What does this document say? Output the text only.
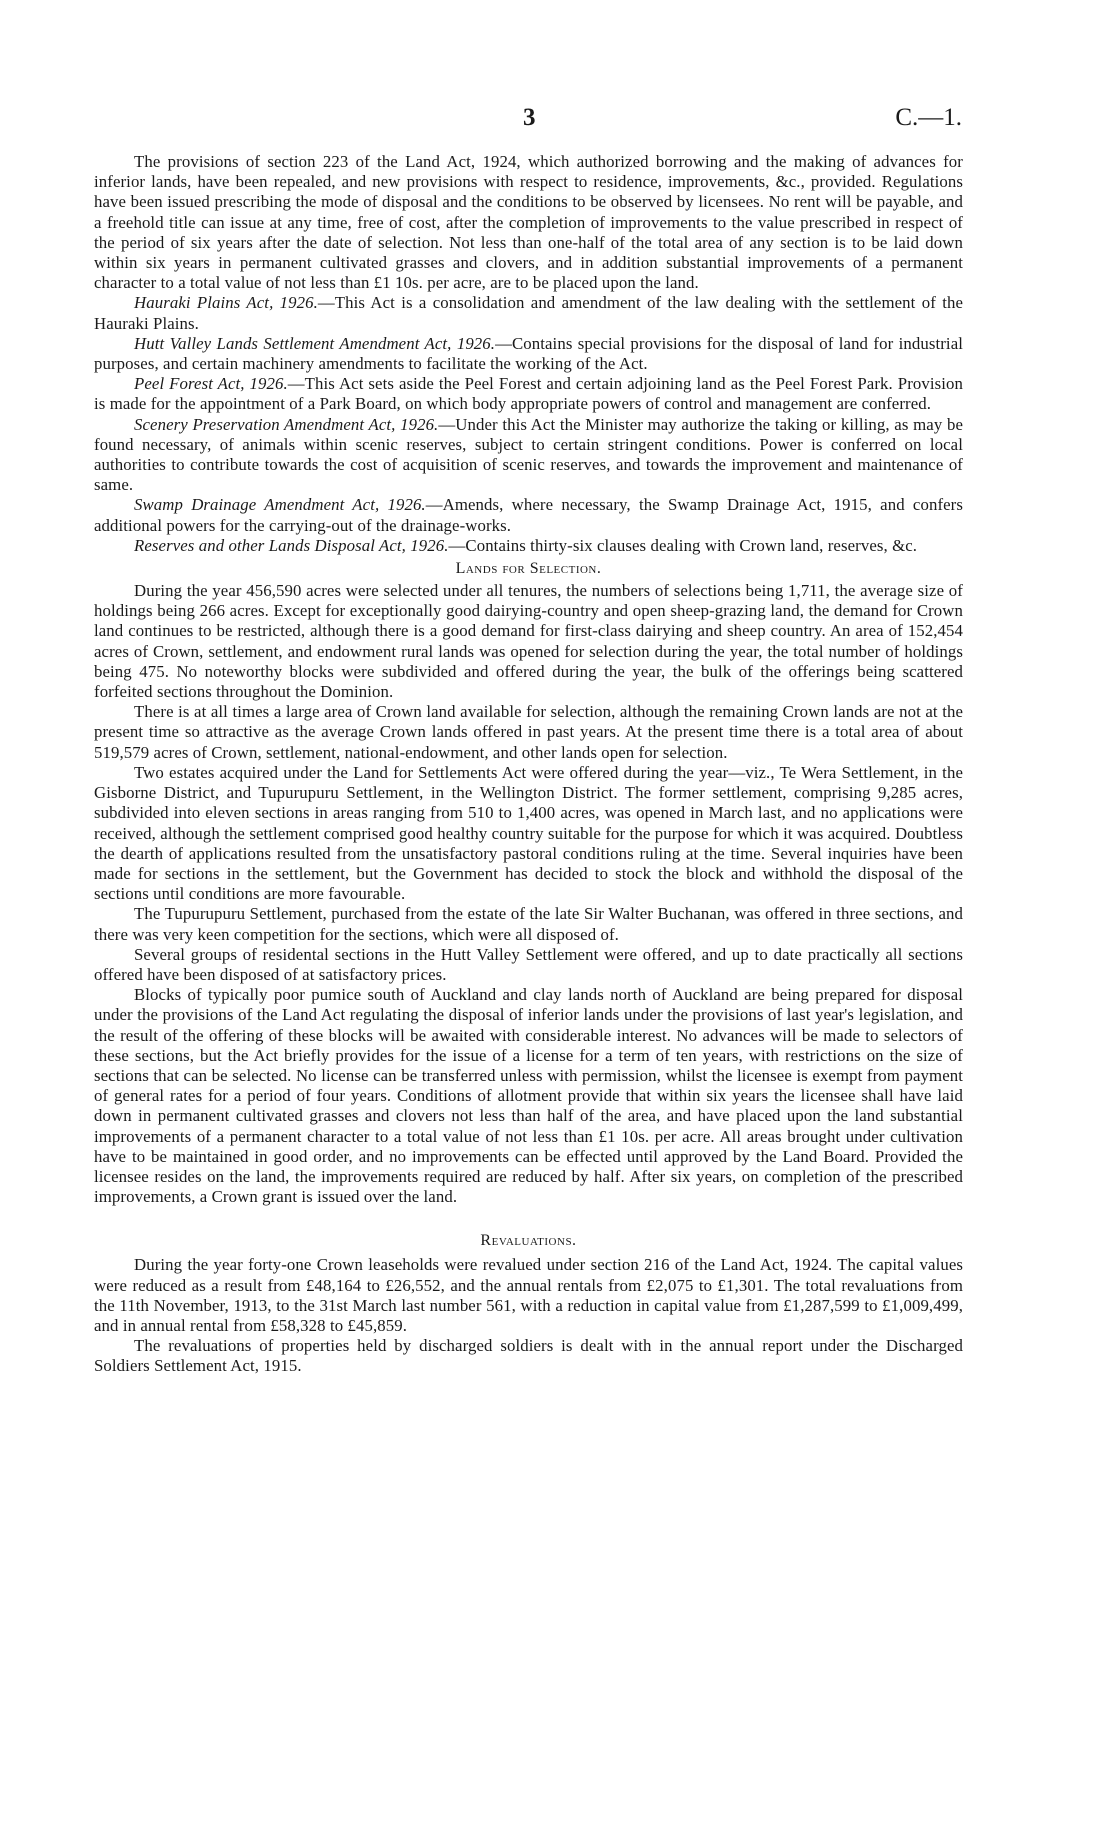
3	C.—1.

The provisions of section 223 of the Land Act, 1924, which authorized borrowing and the making of advances for inferior lands, have been repealed, and new provisions with respect to residence, improvements, &c., provided. Regulations have been issued prescribing the mode of disposal and the conditions to be observed by licensees. No rent will be payable, and a freehold title can issue at any time, free of cost, after the completion of improvements to the value prescribed in respect of the period of six years after the date of selection. Not less than one-half of the total area of any section is to be laid down within six years in permanent cultivated grasses and clovers, and in addition substantial improvements of a permanent character to a total value of not less than £1 10s. per acre, are to be placed upon the land.

Hauraki Plains Act, 1926.—This Act is a consolidation and amendment of the law dealing with the settlement of the Hauraki Plains.

Hutt Valley Lands Settlement Amendment Act, 1926.—Contains special provisions for the disposal of land for industrial purposes, and certain machinery amendments to facilitate the working of the Act.

Peel Forest Act, 1926.—This Act sets aside the Peel Forest and certain adjoining land as the Peel Forest Park. Provision is made for the appointment of a Park Board, on which body appropriate powers of control and management are conferred.

Scenery Preservation Amendment Act, 1926.—Under this Act the Minister may authorize the taking or killing, as may be found necessary, of animals within scenic reserves, subject to certain stringent conditions. Power is conferred on local authorities to contribute towards the cost of acquisition of scenic reserves, and towards the improvement and maintenance of same.

Swamp Drainage Amendment Act, 1926.—Amends, where necessary, the Swamp Drainage Act, 1915, and confers additional powers for the carrying-out of the drainage-works.

Reserves and other Lands Disposal Act, 1926.—Contains thirty-six clauses dealing with Crown land, reserves, &c.

Lands for Selection.

During the year 456,590 acres were selected under all tenures, the numbers of selections being 1,711, the average size of holdings being 266 acres. Except for exceptionally good dairying-country and open sheep-grazing land, the demand for Crown land continues to be restricted, although there is a good demand for first-class dairying and sheep country. An area of 152,454 acres of Crown, settlement, and endowment rural lands was opened for selection during the year, the total number of holdings being 475. No noteworthy blocks were subdivided and offered during the year, the bulk of the offerings being scattered forfeited sections throughout the Dominion.

There is at all times a large area of Crown land available for selection, although the remaining Crown lands are not at the present time so attractive as the average Crown lands offered in past years. At the present time there is a total area of about 519,579 acres of Crown, settlement, national-endowment, and other lands open for selection.

Two estates acquired under the Land for Settlements Act were offered during the year—viz., Te Wera Settlement, in the Gisborne District, and Tupurupuru Settlement, in the Wellington District. The former settlement, comprising 9,285 acres, subdivided into eleven sections in areas ranging from 510 to 1,400 acres, was opened in March last, and no applications were received, although the settlement comprised good healthy country suitable for the purpose for which it was acquired. Doubtless the dearth of applications resulted from the unsatisfactory pastoral conditions ruling at the time. Several inquiries have been made for sections in the settlement, but the Government has decided to stock the block and withhold the disposal of the sections until conditions are more favourable.

The Tupurupuru Settlement, purchased from the estate of the late Sir Walter Buchanan, was offered in three sections, and there was very keen competition for the sections, which were all disposed of.

Several groups of residental sections in the Hutt Valley Settlement were offered, and up to date practically all sections offered have been disposed of at satisfactory prices.

Blocks of typically poor pumice south of Auckland and clay lands north of Auckland are being prepared for disposal under the provisions of the Land Act regulating the disposal of inferior lands under the provisions of last year's legislation, and the result of the offering of these blocks will be awaited with considerable interest. No advances will be made to selectors of these sections, but the Act briefly provides for the issue of a license for a term of ten years, with restrictions on the size of sections that can be selected. No license can be transferred unless with permission, whilst the licensee is exempt from payment of general rates for a period of four years. Conditions of allotment provide that within six years the licensee shall have laid down in permanent cultivated grasses and clovers not less than half of the area, and have placed upon the land substantial improvements of a permanent character to a total value of not less than £1 10s. per acre. All areas brought under cultivation have to be maintained in good order, and no improvements can be effected until approved by the Land Board. Provided the licensee resides on the land, the improvements required are reduced by half. After six years, on completion of the prescribed improvements, a Crown grant is issued over the land.

Revaluations.

During the year forty-one Crown leaseholds were revalued under section 216 of the Land Act, 1924. The capital values were reduced as a result from £48,164 to £26,552, and the annual rentals from £2,075 to £1,301. The total revaluations from the 11th November, 1913, to the 31st March last number 561, with a reduction in capital value from £1,287,599 to £1,009,499, and in annual rental from £58,328 to £45,859.

The revaluations of properties held by discharged soldiers is dealt with in the annual report under the Discharged Soldiers Settlement Act, 1915.
